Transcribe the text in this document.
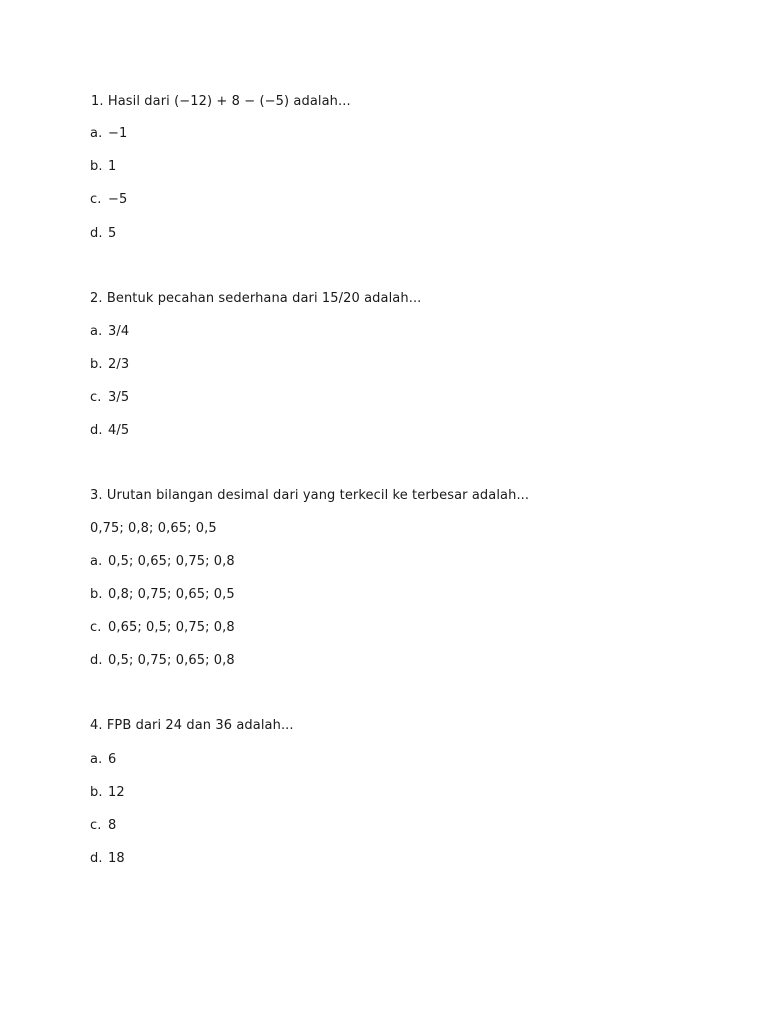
1. Hasil dari (−12) + 8 − (−5) adalah...
a. −1
b. 1
c. −5
d. 5
2. Bentuk pecahan sederhana dari 15/20 adalah...
a. 3/4
b. 2/3
c. 3/5
d. 4/5
3. Urutan bilangan desimal dari yang terkecil ke terbesar adalah...
0,75; 0,8; 0,65; 0,5
a. 0,5; 0,65; 0,75; 0,8
b. 0,8; 0,75; 0,65; 0,5
c. 0,65; 0,5; 0,75; 0,8
d. 0,5; 0,75; 0,65; 0,8
4. FPB dari 24 dan 36 adalah...
a. 6
b. 12
c. 8
d. 18
